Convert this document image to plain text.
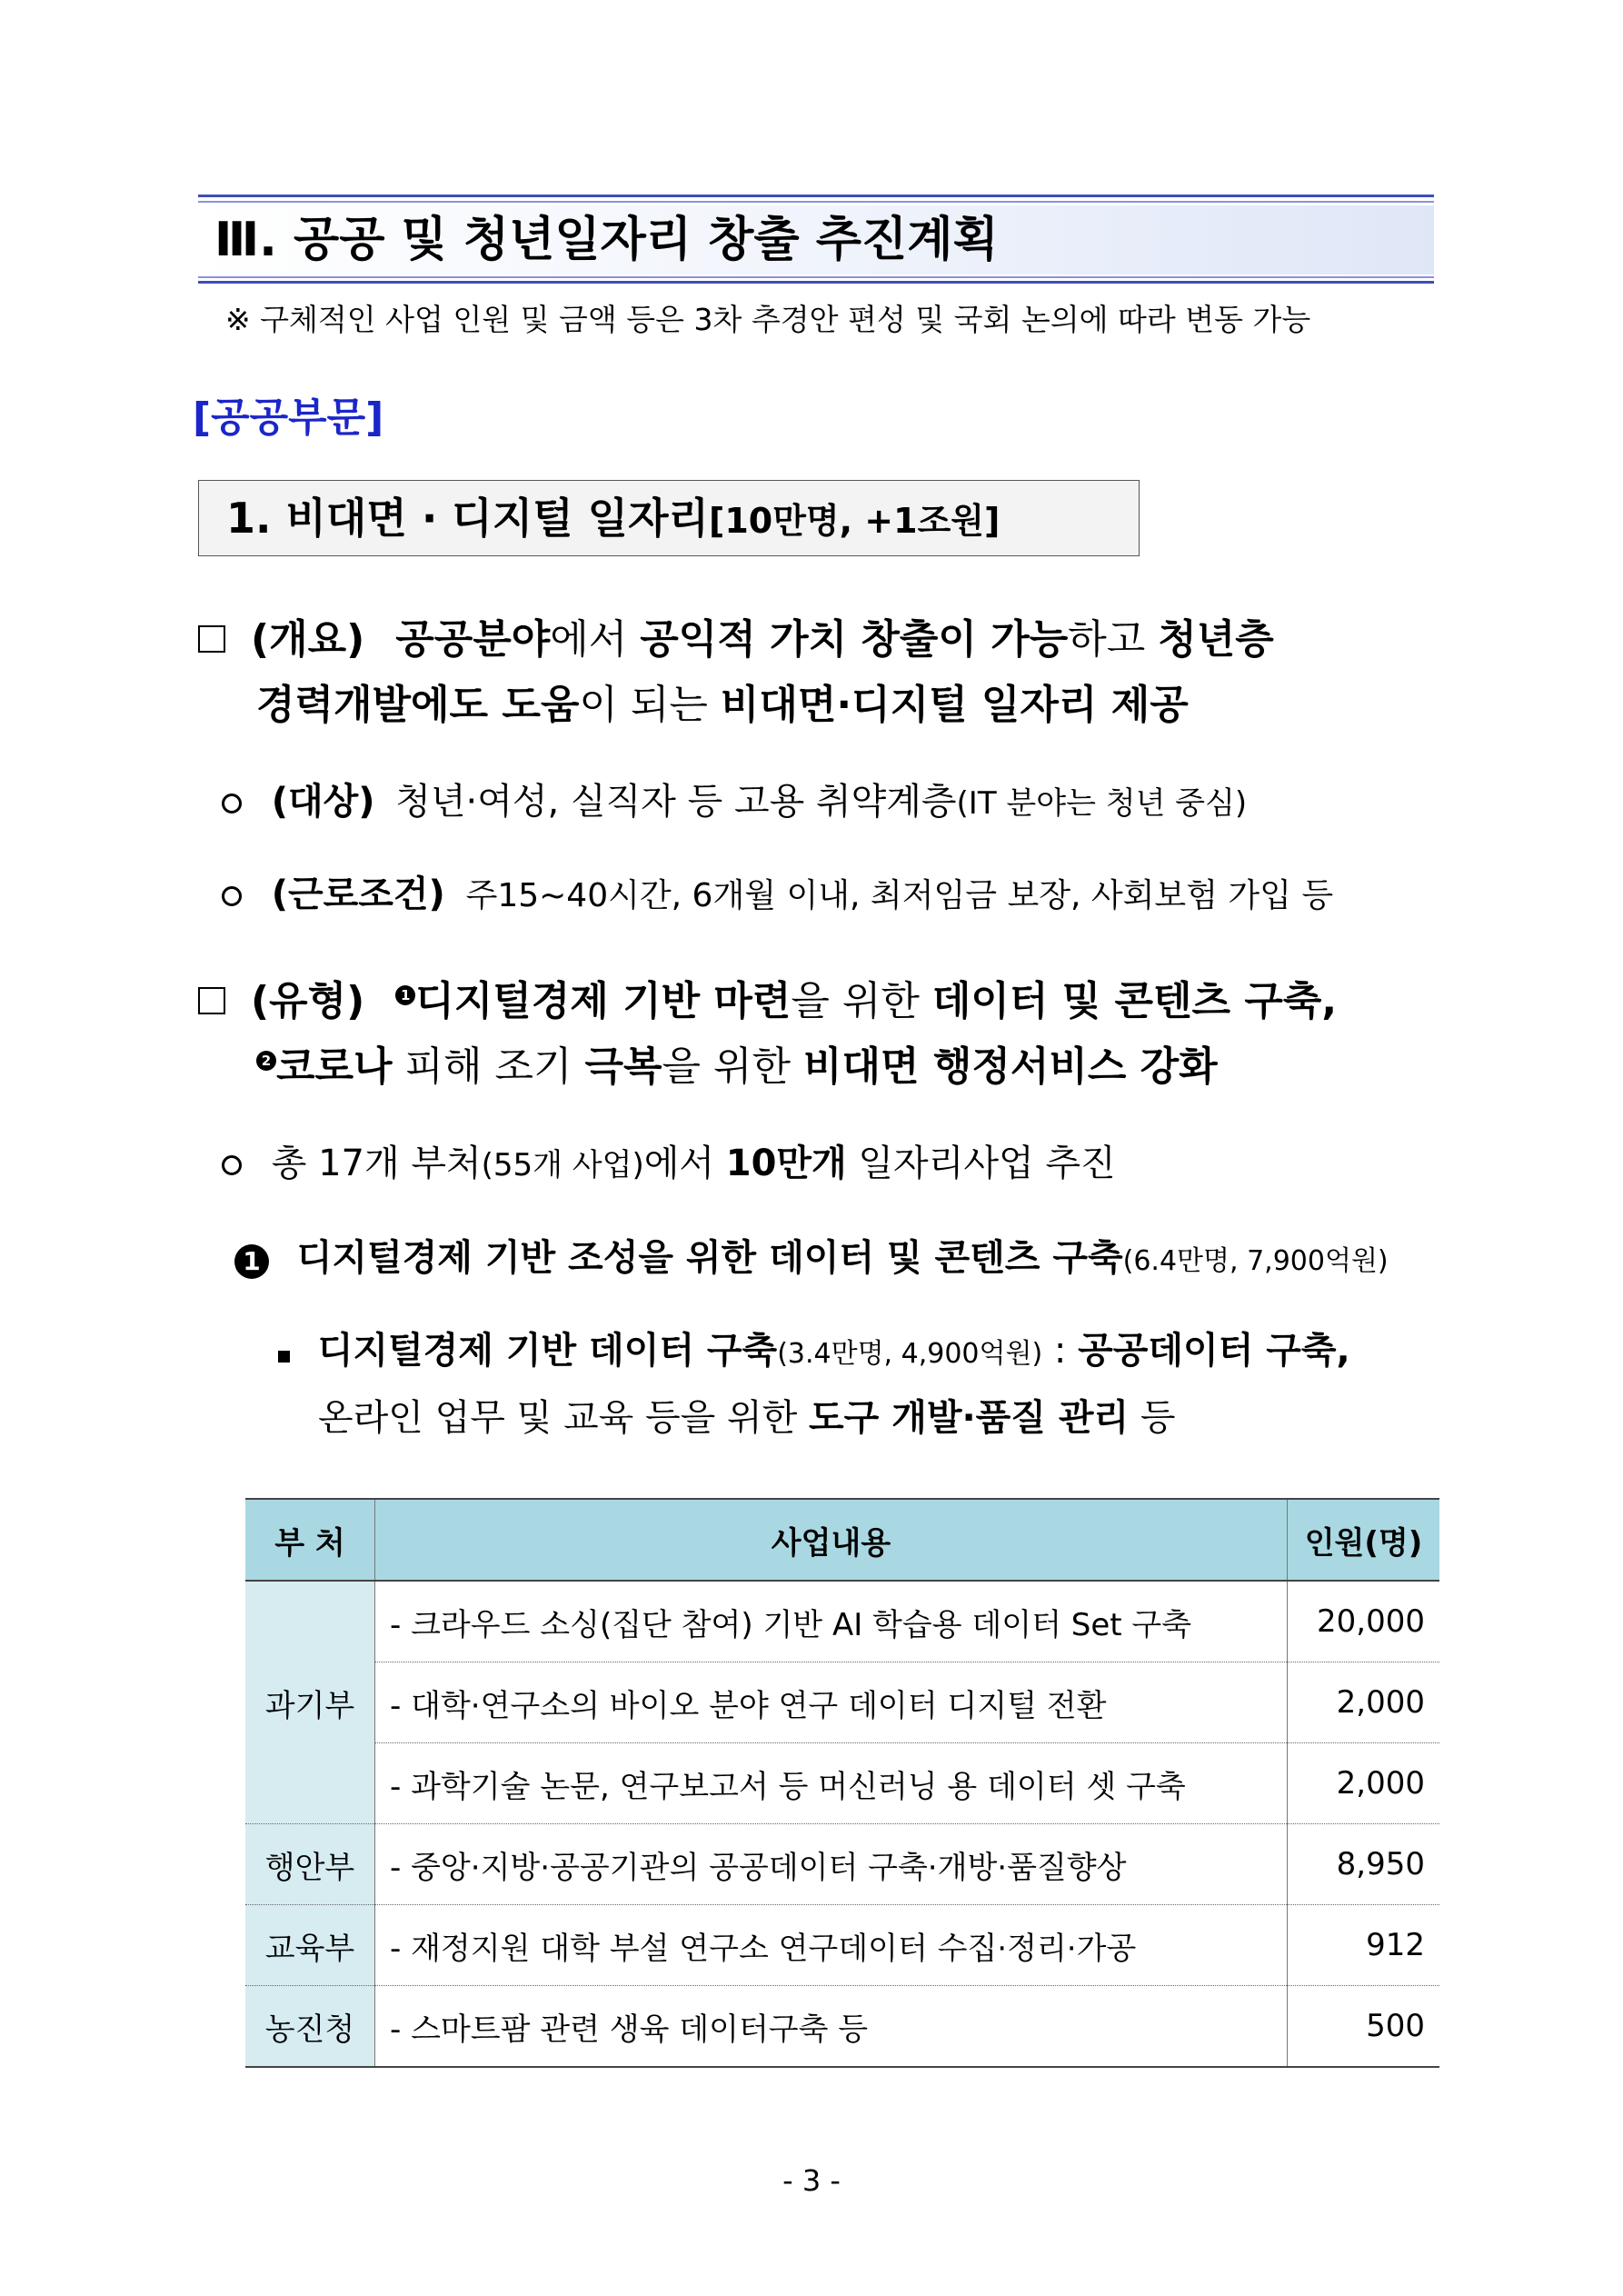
Ⅲ. 공공 및 청년일자리 창출 추진계획
※ 구체적인 사업 인원 및 금액 등은 3차 추경안 편성 및 국회 논의에 따라 변동 가능
[공공부문]
1. 비대면 · 디지털 일자리[10만명, +1조원]
(개요) 공공분야에서 공익적 가치 창출이 가능하고 청년층
경력개발에도 도움이 되는 비대면·디지털 일자리 제공
(대상) 청년·여성, 실직자 등 고용 취약계층(IT 분야는 청년 중심)
(근로조건) 주15~40시간, 6개월 이내, 최저임금 보장, 사회보험 가입 등
(유형)	1 디지털경제 기반 마련을 위한 데이터 및 콘텐츠 구축,
2 코로나 피해 조기 극복을 위한 비대면 행정서비스 강화
총 17개 부처(55개 사업)에서 10만개 일자리사업 추진
1 디지털경제 기반 조성을 위한 데이터 및 콘텐츠 구축(6.4만명, 7,900억원)
디지털경제 기반 데이터 구축(3.4만명, 4,900억원) : 공공데이터 구축,
온라인 업무 및 교육 등을 위한 도구 개발·품질 관리 등
부 처	사업내용	인원(명)
과기부	- 크라우드 소싱(집단 참여) 기반 AI 학습용 데이터 Set 구축	20,000
	- 대학·연구소의 바이오 분야 연구 데이터 디지털 전환	2,000
	- 과학기술 논문, 연구보고서 등 머신러닝 용 데이터 셋 구축	2,000
행안부	- 중앙·지방·공공기관의 공공데이터 구축·개방·품질향상	8,950
교육부	- 재정지원 대학 부설 연구소 연구데이터 수집·정리·가공	912
농진청	- 스마트팜 관련 생육 데이터구축 등	500
- 3 -
